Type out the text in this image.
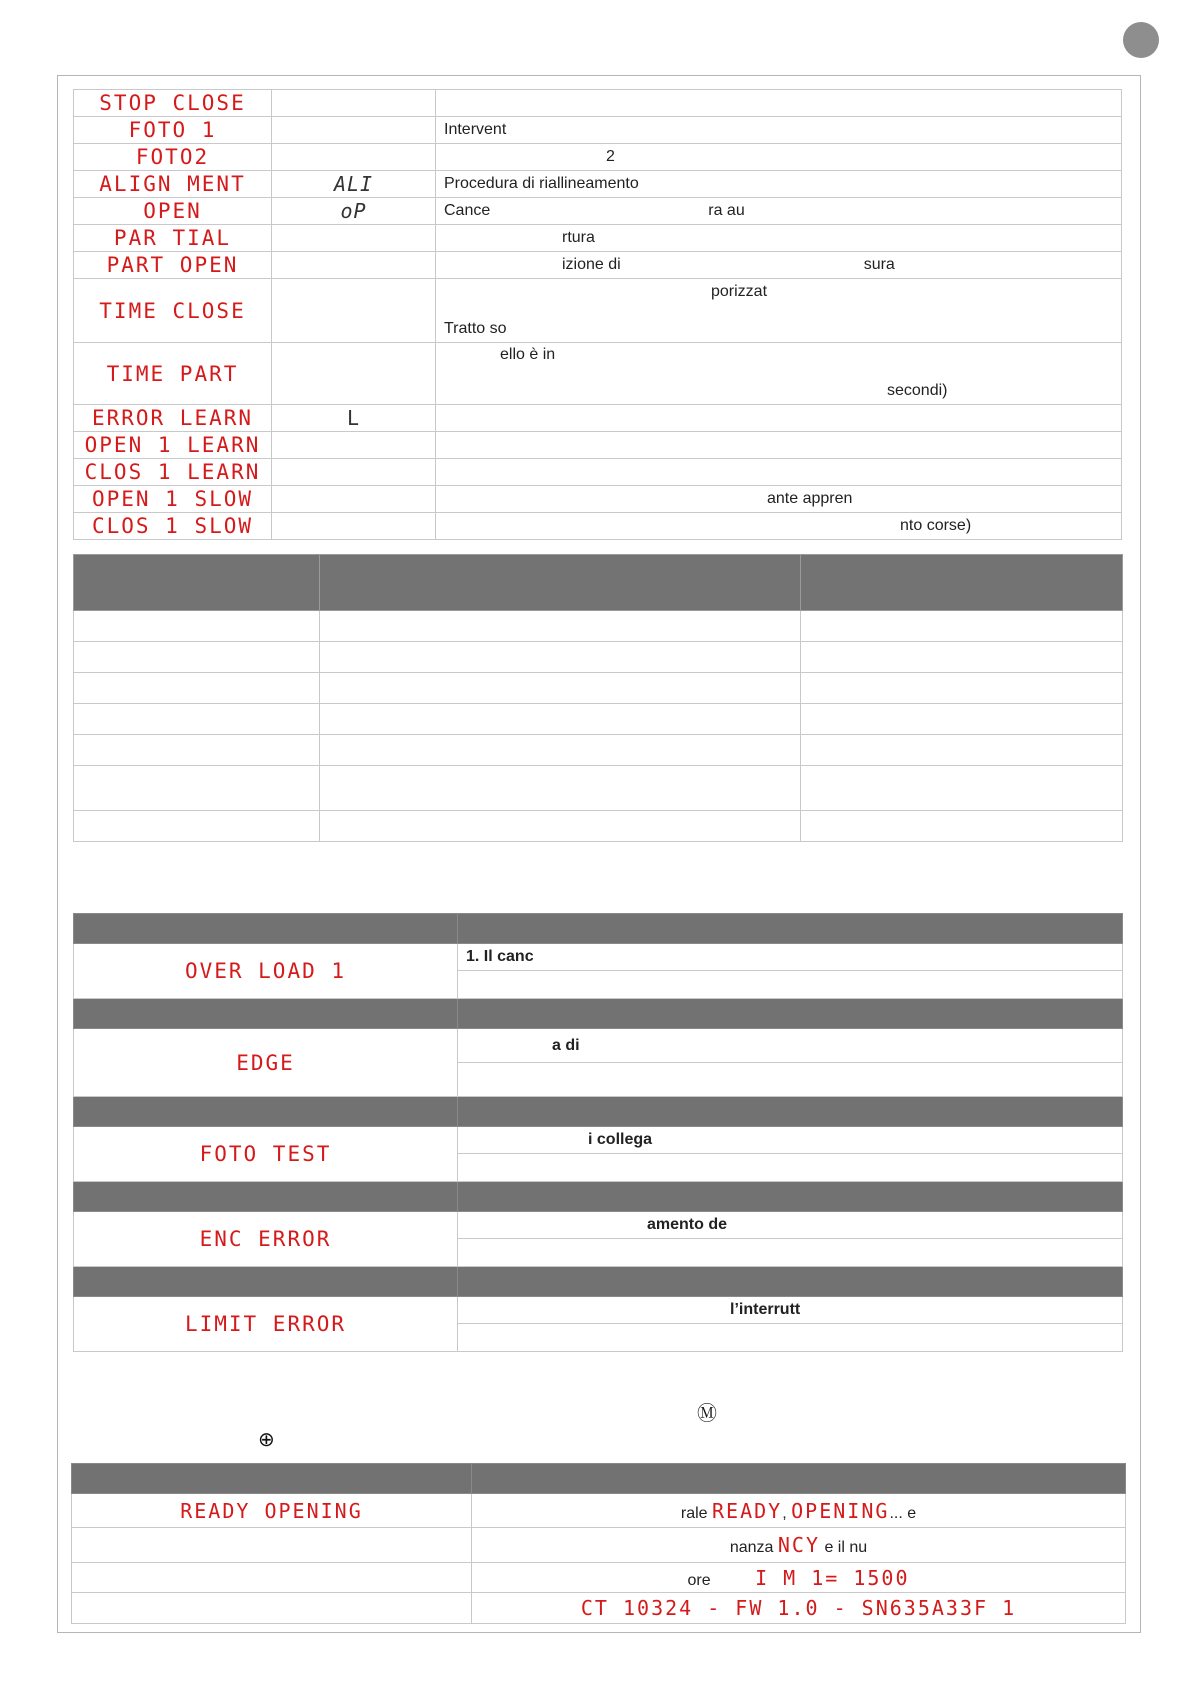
STOP CLOSE		
FOTO 1		Intervent
FOTO2		2
ALIGN MENT	ALI	Procedura di riallineamento
OPEN	oP	Cance ra au
PAR TIAL		rtura
PART OPEN		izione di sura
TIME CLOSE		porizzat
Tratto so

TIME PART		ello è in
secondi)

ERROR LEARN	L	
OPEN 1 LEARN		
CLOS 1 LEARN		
OPEN 1 SLOW		ante appren
CLOS 1 SLOW		nto corse)

OVER LOAD 1	1. Il canc

EDGE	a di

FOTO TEST	i collega

ENC ERROR	amento de

LIMIT ERROR	l’interrutt

Ⓜ
⊕

READY OPENING	rale READY, OPENING... e
	nanza NCY e il nu
	ore I M 1= 1500
	CT 10324 - FW 1.0 - SN635A33F 1
